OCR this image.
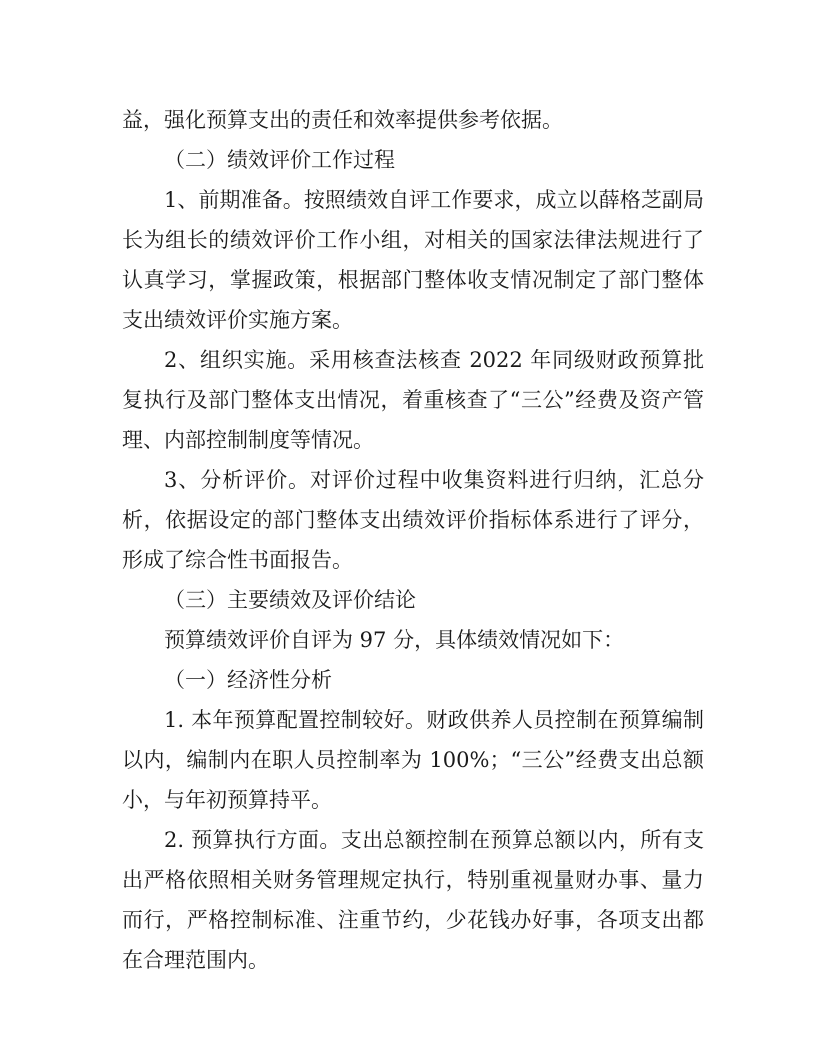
益，强化预算支出的责任和效率提供参考依据。

（二）绩效评价工作过程

1、前期准备。按照绩效自评工作要求，成立以薛格芝副局长为组长的绩效评价工作小组，对相关的国家法律法规进行了认真学习，掌握政策，根据部门整体收支情况制定了部门整体支出绩效评价实施方案。

2、组织实施。采用核查法核查 2022 年同级财政预算批复执行及部门整体支出情况，着重核查了“三公”经费及资产管理、内部控制制度等情况。

3、分析评价。对评价过程中收集资料进行归纳，汇总分析，依据设定的部门整体支出绩效评价指标体系进行了评分，形成了综合性书面报告。

（三）主要绩效及评价结论

预算绩效评价自评为 97 分，具体绩效情况如下：

（一）经济性分析

1. 本年预算配置控制较好。财政供养人员控制在预算编制以内，编制内在职人员控制率为 100%；“三公”经费支出总额小，与年初预算持平。

2. 预算执行方面。支出总额控制在预算总额以内，所有支出严格依照相关财务管理规定执行，特别重视量财办事、量力而行，严格控制标准、注重节约，少花钱办好事，各项支出都在合理范围内。
